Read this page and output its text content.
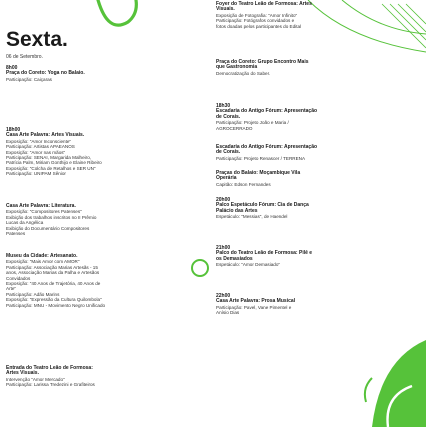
Sexta.
06 de Setembro.
8h00
Praça do Coreto: Yoga no Balaio.
Participação: Caiçaras
18h00
Casa Arte Palavra: Artes Visuais.
Exposição: "Amor Inconsciente"
Participação: Artistas APAEANOS
Exposição: "Amor nas mãos"
Participação: SENAI, Margarida Malheiro,
Patrícia Palm, Miriam Gonthijo e Elaine Ribeiro
Exposição: "Colcha de Retalhos e SER UN"
Participação: UNIPAM Sênior
Casa Arte Palavra: Literatura.
Exposição: "Compositores Patenses"
Exibição dos trabalhos inscritos no II Prêmio
Lucas da Angélica
Exibição do Documentário Compositores
Patenses
Museu da Cidade: Artesanato.
Exposição: "Mais Amor com AMOR"
Participação: Associação Marias Artesãs - 15
anos, Associação Marias da Palha e Artesãos
Convidados
Exposição: "40 Anos de Trajetória, 40 Anos de
Arte"
Participação: Adão Marins
Exposição: "Expressão da Cultura Quilombola"
Participação: MNU - Movimento Negro Unificado
Entrada do Teatro Leão de Formosa:
Artes Visuais.
Intervenção "Amor Mercado"
Participação: Larissa Tredezini e Grafiteiros
Foyer do Teatro Leão de Formosa: Artes
Visuais.
Exposição de Fotografia: "Amor Infinito"
Participação: Fotógrafos convidados e
fotos doadas pelos participantes do Edital
Praça do Coreto: Grupo Encontro Mais
que Gastronomia
Democratização do Saber.
18h30
Escadaria do Antigo Fórum: Apresentação
de Corais.
Participação: Projeto João e Maria /
AGROCERRADO
Escadaria do Antigo Fórum: Apresentação
de Corais.
Participação: Projeto Renascer / TERRENA
Praças do Balaio: Moçambique Vila
Operária
Capitão: Edson Fernandes
20h00
Palco Espetáculo Fórum: Cia de Dança
Palácio das Artes
Espetáculo: "Messias", de Haendel
21h00
Palco do Teatro Leão de Formosa: Pilê e
os Demasiados
Espetáculo: "Amor Demasiado"
22h00
Casa Arte Palavra: Prosa Musical
Participação: Pavel, Vane Pimentel e
Anísio Dias
